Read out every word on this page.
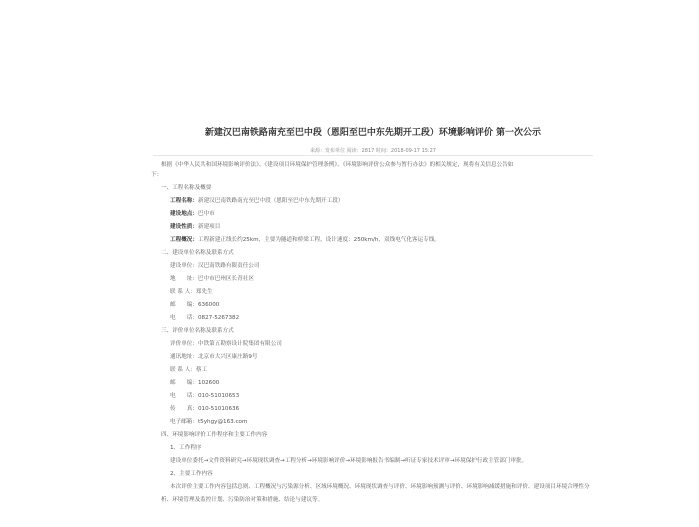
新建汉巴南铁路南充至巴中段（恩阳至巴中东先期开工段）环境影响评价 第一次公示
来源：发布单位 阅读：2817 时间：2018-09-17 15:27
根据《中华人民共和国环境影响评价法》、《建设项目环境保护管理条例》、《环境影响评价公众参与暂行办法》的相关规定，现将有关信息公告如
下：
一、工程名称及概要
工程名称：新建汉巴南铁路南充至巴中段（恩阳至巴中东先期开工段）
建设地点：巴中市
建设性质：新建项目
工程概况：工程新建正线长约25km，主要为隧道和桥梁工程，设计速度：250km/h，双线电气化客运专线。
二、建设单位名称及联系方式
建设单位：汉巴南铁路有限责任公司
地　　址：巴中市巴州区长青社区
联 系 人：郑先生
邮　　编：636000
电　　话：0827-5267382
三、评价单位名称及联系方式
评价单位：中铁第五勘察设计院集团有限公司
通讯地址：北京市大兴区康庄路9号
联 系 人：蔡工
邮　　编：102600
电　　话：010-51010653
传　　真：010-51010636
电子邮箱：t5yhgy@163.com
四、环境影响评价工作程序和主要工作内容
1、工作程序
建设单位委托→文件资料研究→环境现状调查→工程分析→环境影响评价→环境影响报告书编制→听证专家技术评审→环境保护行政主管部门审批。
2、主要工作内容
本次评价主要工作内容包括总则、工程概况与污染源分析、区域环境概况、环境现状调查与评价、环境影响预测与评价、环境影响减缓措施和评价、建设项目环境合理性分
析、环境管理及监控计划、污染防治对策和措施、结论与建议等。
